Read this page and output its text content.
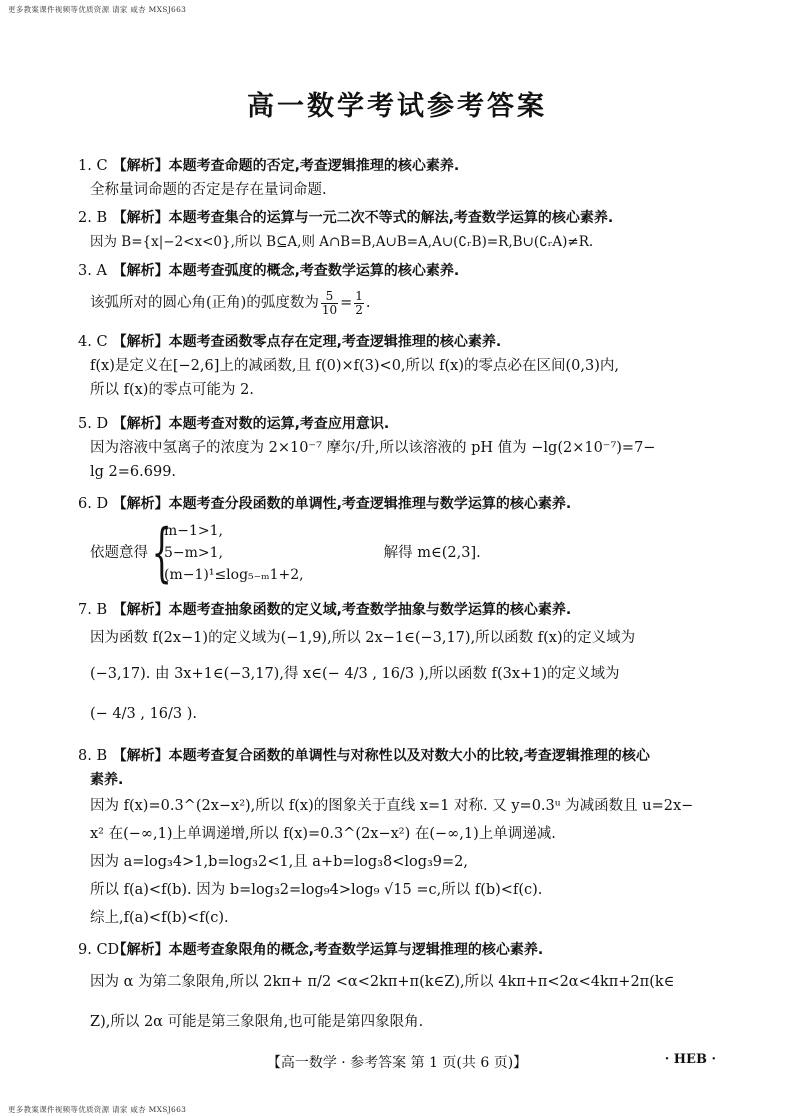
更多教案课件视频等优质资源 请家 咸杏 MXSJ663
高一数学考试参考答案
1. C 【解析】本题考查命题的否定,考查逻辑推理的核心素养.
全称量词命题的否定是存在量词命题.
2. B 【解析】本题考查集合的运算与一元二次不等式的解法,考查数学运算的核心素养.
因为 B={x|−2<x<0},所以 B⊆A,则 A∩B=B,A∪B=A,A∪(∁ᵣB)=R,B∪(∁ᵣA)≠R.
3. A 【解析】本题考查弧度的概念,考查数学运算的核心素养.
该弧所对的圆心角(正角)的弧度数为 $\frac{5}{10} = \frac{1}{2}$ .
4. C 【解析】本题考查函数零点存在定理,考查逻辑推理的核心素养.
f(x)是定义在[−2,6]上的减函数,且 f(0)×f(3)<0,所以 f(x)的零点必在区间(0,3)内,
所以 f(x)的零点可能为 2.
5. D 【解析】本题考查对数的运算,考查应用意识.
因为溶液中氢离子的浓度为 2×10⁻⁷ 摩尔/升,所以该溶液的 pH 值为 −lg(2×10⁻⁷)=7−
lg 2=6.699.
6. D 【解析】本题考查分段函数的单调性,考查逻辑推理与数学运算的核心素养.
依题意得 {
m−1>1,
5−m>1,
(m−1)¹≤log₅₋ₘ1+2,
解得 m∈(2,3].
7. B 【解析】本题考查抽象函数的定义域,考查数学抽象与数学运算的核心素养.
因为函数 f(2x−1)的定义域为(−1,9),所以 2x−1∈(−3,17),所以函数 f(x)的定义域为
(−3,17). 由 3x+1∈(−3,17),得 x∈(− 4/3 , 16/3 ),所以函数 f(3x+1)的定义域为
(− 4/3 , 16/3 ).
8. B 【解析】本题考查复合函数的单调性与对称性以及对数大小的比较,考查逻辑推理的核心
素养.
因为 f(x)=0.3^(2x−x²),所以 f(x)的图象关于直线 x=1 对称. 又 y=0.3ᵘ 为减函数且 u=2x−
x² 在(−∞,1)上单调递增,所以 f(x)=0.3^(2x−x²) 在(−∞,1)上单调递减.
因为 a=log₃4>1,b=log₃2<1,且 a+b=log₃8<log₃9=2,
所以 f(a)<f(b). 因为 b=log₃2=log₉4>log₉ √15 =c,所以 f(b)<f(c).
综上,f(a)<f(b)<f(c).
9. CD 【解析】本题考查象限角的概念,考查数学运算与逻辑推理的核心素养.
因为 α 为第二象限角,所以 2kπ+ π/2 <α<2kπ+π(k∈Z),所以 4kπ+π<2α<4kπ+2π(k∈
Z),所以 2α 可能是第三象限角,也可能是第四象限角.
【高一数学 · 参考答案 第 1 页(共 6 页)】	· HEB ·
更多教案课件视频等优质资源 请家 咸杏 MXSJ663
